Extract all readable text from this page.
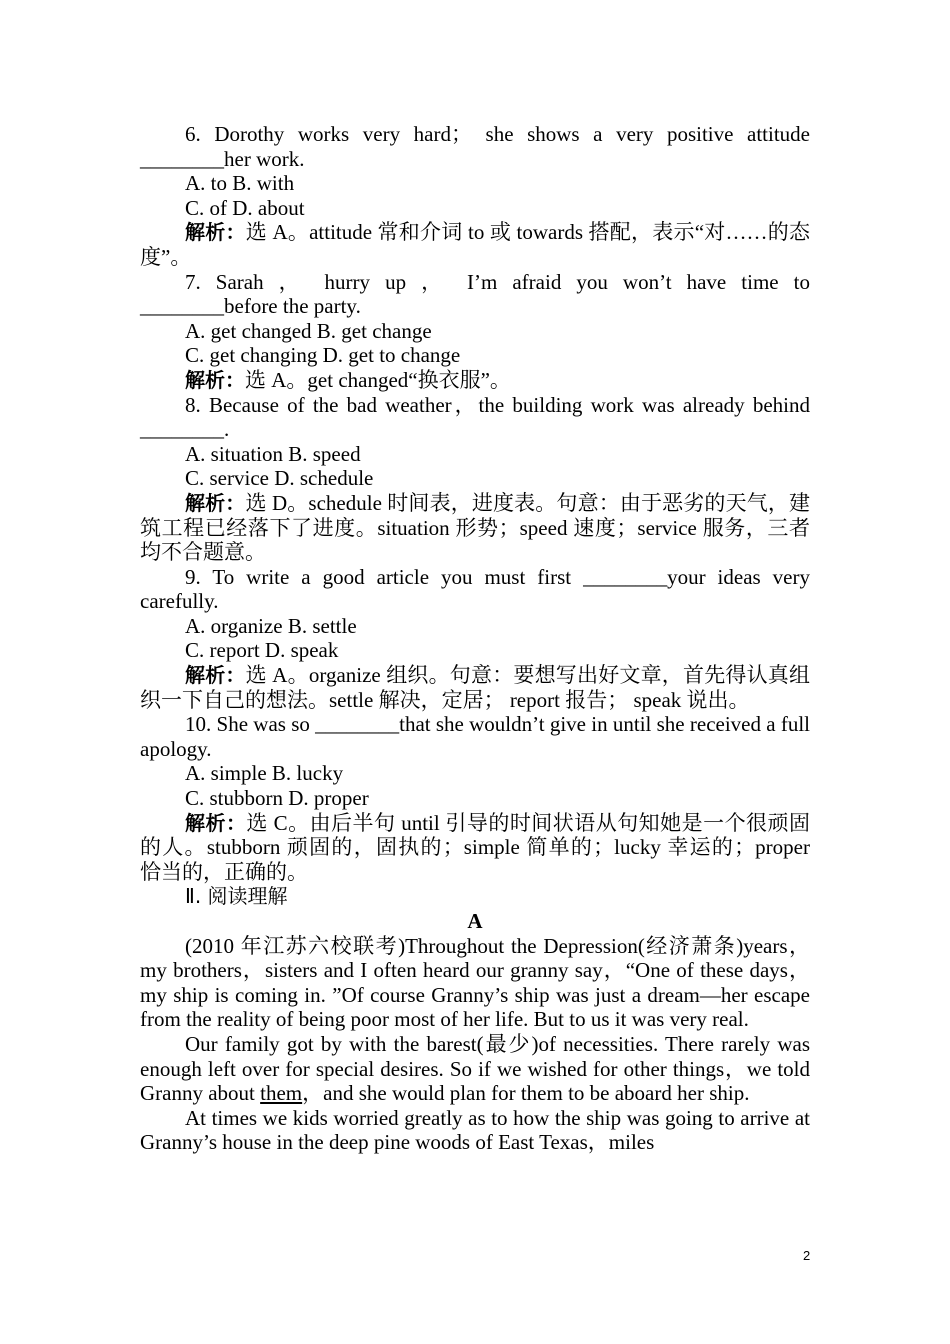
6. Dorothy works very hard； she shows a very positive attitude ________her work.

A. to B. with

C. of D. about

解析：选 A。attitude 常和介词 to 或 towards 搭配，表示“对……的态度”。

7. Sarah ， hurry up ， I’m afraid you won’t have time to ________before the party.

A. get changed B. get change

C. get changing D. get to change

解析：选 A。get changed“换衣服”。

8. Because of the bad weather，the building work was already behind ________.

A. situation B. speed

C. service D. schedule

解析：选 D。schedule 时间表，进度表。句意：由于恶劣的天气，建筑工程已经落下了进度。situation 形势；speed 速度；service 服务，三者均不合题意。

9. To write a good article you must first ________your ideas very carefully.

A. organize B. settle

C. report D. speak

解析：选 A。organize 组织。句意：要想写出好文章，首先得认真组织一下自己的想法。settle 解决，定居； report 报告； speak 说出。

10. She was so ________that she wouldn’t give in until she received a full apology.

A. simple B. lucky

C. stubborn D. proper

解析：选 C。由后半句 until 引导的时间状语从句知她是一个很顽固的人。stubborn 顽固的，固执的；simple 简单的；lucky 幸运的；proper 恰当的，正确的。

Ⅱ. 阅读理解

A

(2010 年江苏六校联考)Throughout the Depression(经济萧条)years，my brothers，sisters and I often heard our granny say，“One of these days，my ship is coming in. ”Of course Granny’s ship was just a dream—her escape from the reality of being poor most of her life. But to us it was very real.

Our family got by with the barest(最少)of necessities. There rarely was enough left over for special desires. So if we wished for other things，we told Granny about them，and she would plan for them to be aboard her ship.

At times we kids worried greatly as to how the ship was going to arrive at Granny’s house in the deep pine woods of East Texas，miles

2
